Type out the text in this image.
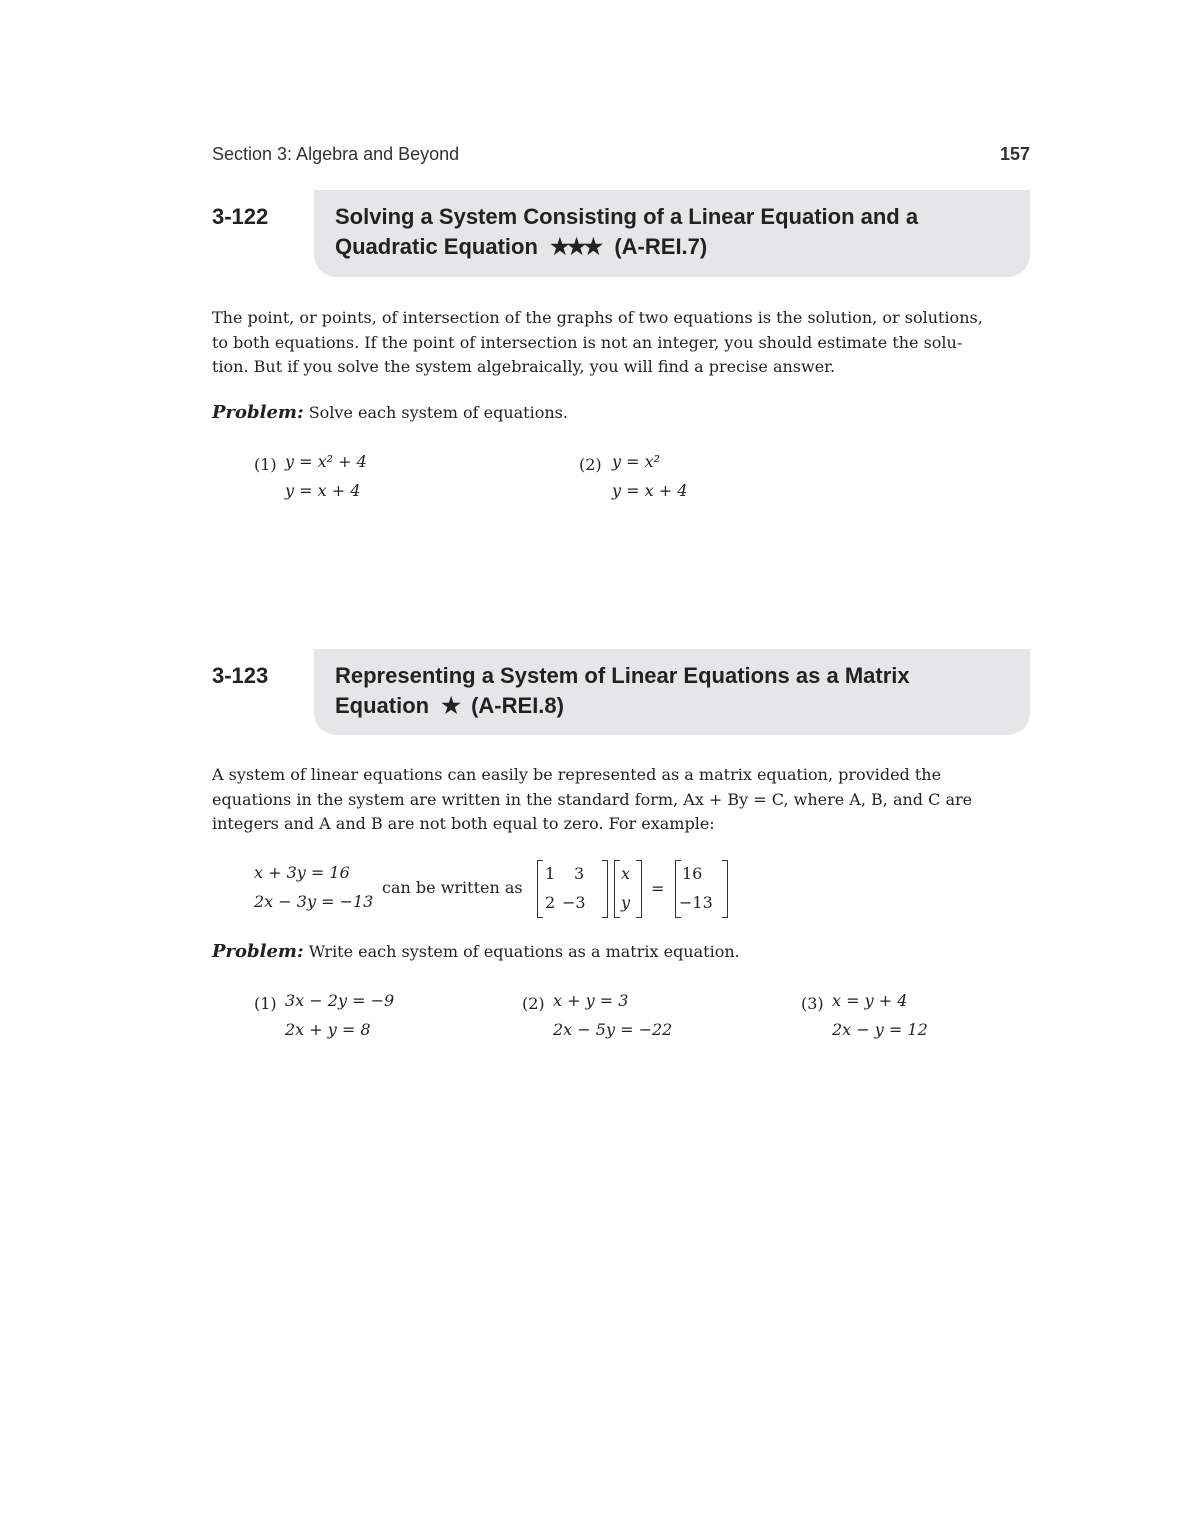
Section 3: Algebra and Beyond	157
3-122	Solving a System Consisting of a Linear Equation and a
Quadratic Equation ★★★ (A-REI.7)
The point, or points, of intersection of the graphs of two equations is the solution, or solutions,
to both equations. If the point of intersection is not an integer, you should estimate the solu-
tion. But if you solve the system algebraically, you will find a precise answer.
Problem: Solve each system of equations.
(1) y = x² + 4
y = x + 4
(2) y = x²
y = x + 4
3-123	Representing a System of Linear Equations as a Matrix
Equation ★ (A-REI.8)
A system of linear equations can easily be represented as a matrix equation, provided the
equations in the system are written in the standard form, Ax + By = C, where A, B, and C are
integers and A and B are not both equal to zero. For example:
x + 3y = 16
2x − 3y = −13
can be written as
1 3
2 −3
x
y
=
16
−13
Problem: Write each system of equations as a matrix equation.
(1) 3x − 2y = −9
2x + y = 8
(2) x + y = 3
2x − 5y = −22
(3) x = y + 4
2x − y = 12
